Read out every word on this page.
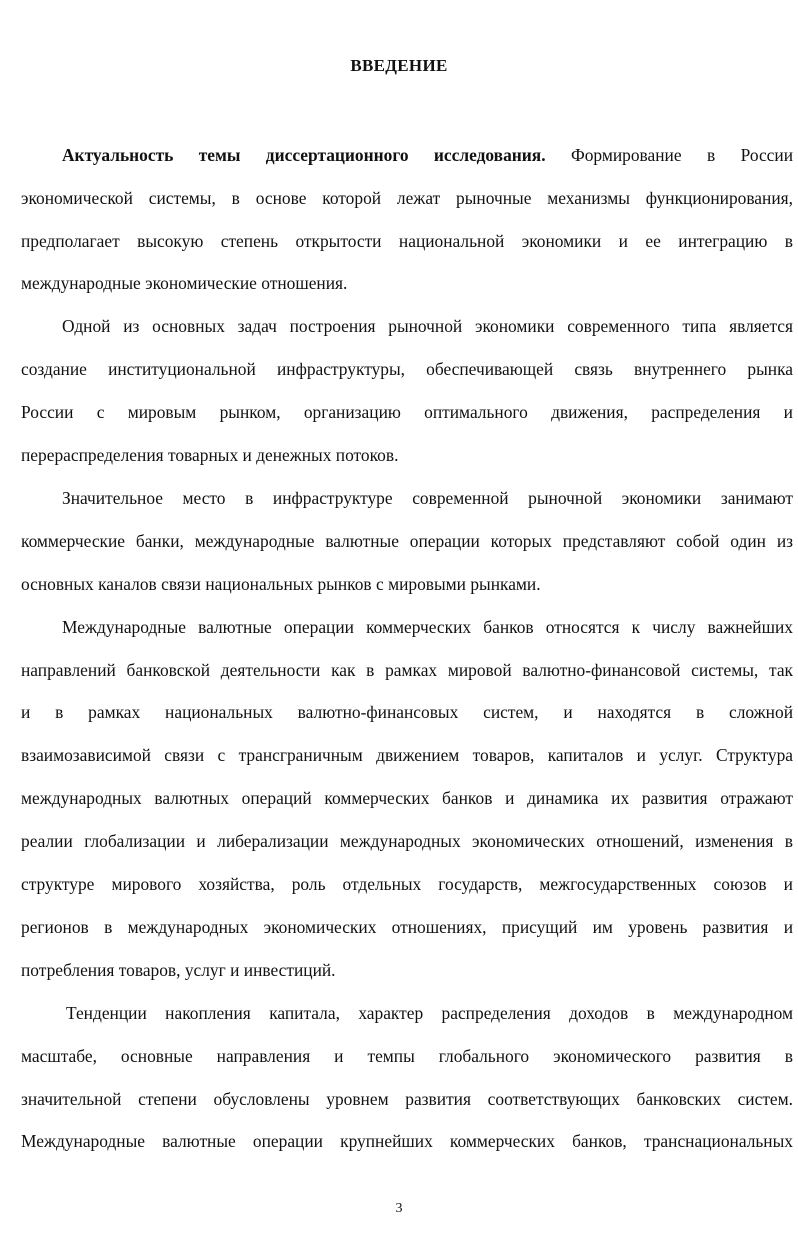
ВВЕДЕНИЕ

Актуальность темы диссертационного исследования. Формирование в России

экономической системы, в основе которой лежат рыночные механизмы функционирования,

предполагает высокую степень открытости национальной экономики и ее интеграцию в

международные экономические отношения.

Одной из основных задач построения рыночной экономики современного типа является

создание институциональной инфраструктуры, обеспечивающей связь внутреннего рынка

России с мировым рынком, организацию оптимального движения, распределения и

перераспределения товарных и денежных потоков.

Значительное место в инфраструктуре современной рыночной экономики занимают

коммерческие банки, международные валютные операции которых представляют собой один из

основных каналов связи национальных рынков с мировыми рынками.

Международные валютные операции коммерческих банков относятся к числу важнейших

направлений банковской деятельности как в рамках мировой валютно-финансовой системы, так

и в рамках национальных валютно-финансовых систем, и находятся в сложной

взаимозависимой связи с трансграничным движением товаров, капиталов и услуг. Структура

международных валютных операций коммерческих банков и динамика их развития отражают

реалии глобализации и либерализации международных экономических отношений, изменения в

структуре мирового хозяйства, роль отдельных государств, межгосударственных союзов и

регионов в международных экономических отношениях, присущий им уровень развития и

потребления товаров, услуг и инвестиций.

Тенденции накопления капитала, характер распределения доходов в международном

масштабе, основные направления и темпы глобального экономического развития в

значительной степени обусловлены уровнем развития соответствующих банковских систем.

Международные валютные операции крупнейших коммерческих банков, транснациональных

3
